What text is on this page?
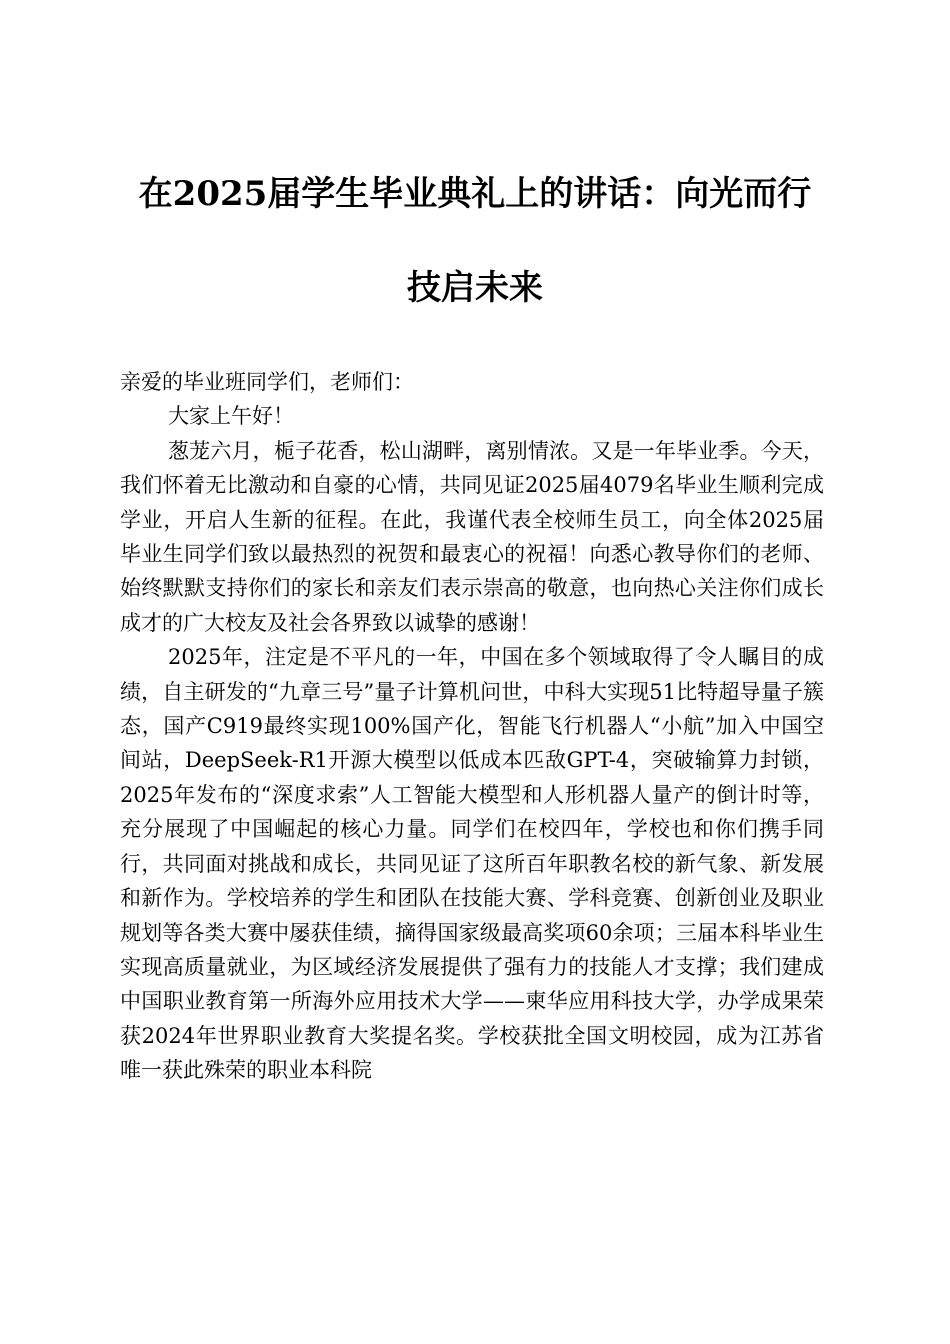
在2025届学生毕业典礼上的讲话：向光而行
技启未来

亲爱的毕业班同学们，老师们：

大家上午好！

葱茏六月，栀子花香，松山湖畔，离别情浓。又是一年毕业季。今天，我们怀着无比激动和自豪的心情，共同见证2025届4079名毕业生顺利完成学业，开启人生新的征程。在此，我谨代表全校师生员工，向全体2025届毕业生同学们致以最热烈的祝贺和最衷心的祝福！向悉心教导你们的老师、始终默默支持你们的家长和亲友们表示崇高的敬意，也向热心关注你们成长成才的广大校友及社会各界致以诚挚的感谢！

2025年，注定是不平凡的一年，中国在多个领域取得了令人瞩目的成绩，自主研发的“九章三号”量子计算机问世，中科大实现51比特超导量子簇态，国产C919最终实现100%国产化，智能飞行机器人“小航”加入中国空间站，DeepSeek-R1开源大模型以低成本匹敌GPT-4，突破输算力封锁，2025年发布的“深度求索”人工智能大模型和人形机器人量产的倒计时等，充分展现了中国崛起的核心力量。同学们在校四年，学校也和你们携手同行，共同面对挑战和成长，共同见证了这所百年职教名校的新气象、新发展和新作为。学校培养的学生和团队在技能大赛、学科竞赛、创新创业及职业规划等各类大赛中屡获佳绩，摘得国家级最高奖项60余项；三届本科毕业生实现高质量就业，为区域经济发展提供了强有力的技能人才支撑；我们建成中国职业教育第一所海外应用技术大学——柬华应用科技大学，办学成果荣获2024年世界职业教育大奖提名奖。学校获批全国文明校园，成为江苏省唯一获此殊荣的职业本科院
